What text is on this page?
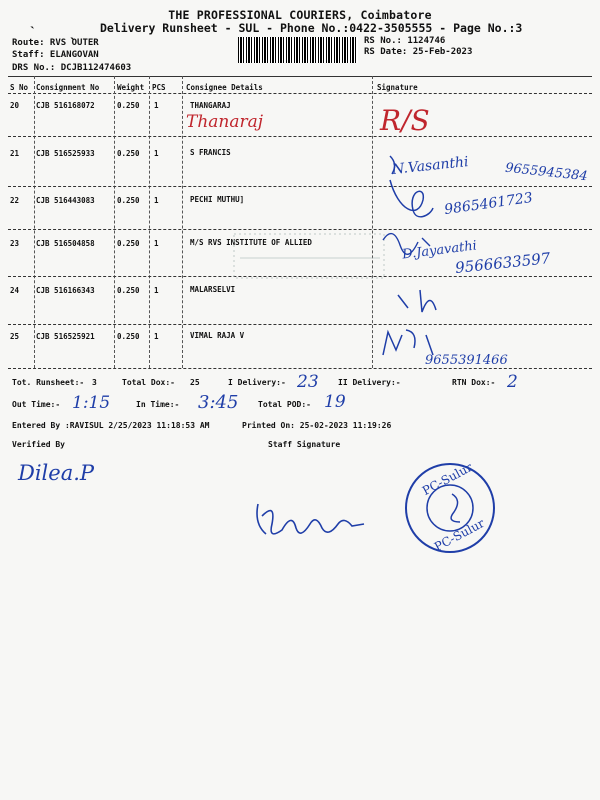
THE PROFESSIONAL COURIERS, Coimbatore
Delivery Runsheet - SUL - Phone No.:0422-3505555 - Page No.:3
ˋ    ˎ
Route: RVS OUTER
Staff: ELANGOVAN
DRS No.: DCJB112474603
RS No.: 1124746
RS Date: 25-Feb-2023
S No Consignment No Weight PCS	Consignee Details	Signature
20 CJB 516168072	0.250 1	THANGARAJ
Thanaraj	R/S
21 CJB 516525933	0.250 1	S FRANCIS
N.Vasanthi	9655945384
22 CJB 516443083	0.250 1	PECHI MUTHU]	9865461723
23 CJB 516504858	0.250 1	M/S RVS INSTITUTE OF ALLIED	D.Jayavathi
9566633597
24 CJB 516166343	0.250 1	MALARSELVI
25 CJB 516525921	0.250 1	VIMAL RAJA V
9655391466
Tot. Runsheet:- 3	Total Dox:- 25	I Delivery:- 23 II Delivery:-	RTN Dox:- 2
Out Time:- 1:15	In Time:- 3:45 Total POD:- 19
Entered By :RAVISUL 2/25/2023 11:18:53 AM	Printed On: 25-02-2023 11:19:26
Verified By	Staff Signature
Dilea.P	PC-Sulur
PC-Sulur
